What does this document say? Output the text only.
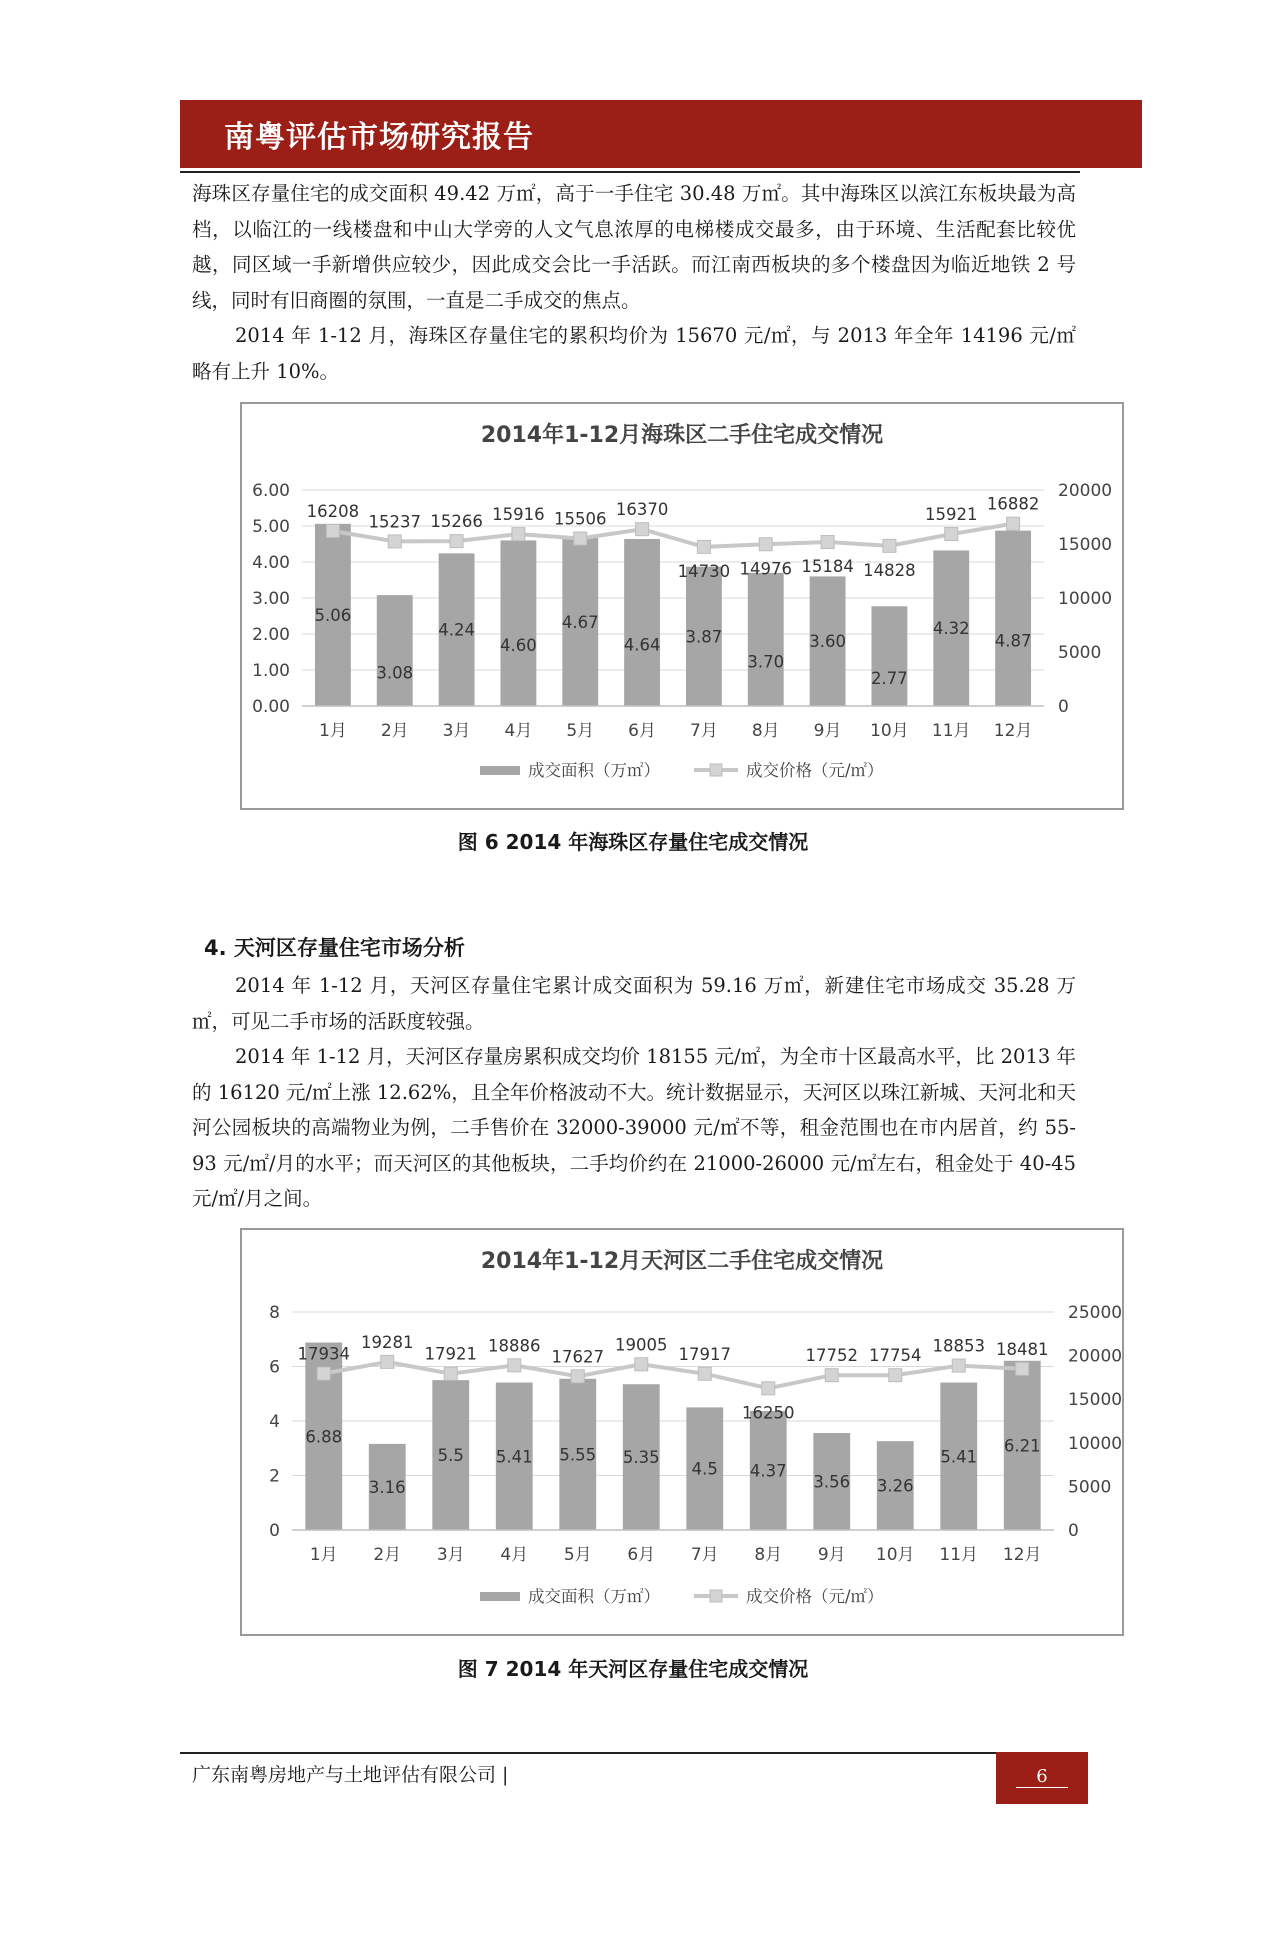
南粤评估市场研究报告

海珠区存量住宅的成交面积 49.42 万㎡，高于一手住宅 30.48 万㎡。其中海珠区以滨江东板块最为高档，以临江的一线楼盘和中山大学旁的人文气息浓厚的电梯楼成交最多，由于环境、生活配套比较优越，同区域一手新增供应较少，因此成交会比一手活跃。而江南西板块的多个楼盘因为临近地铁 2 号线，同时有旧商圈的氛围，一直是二手成交的焦点。

2014 年 1-12 月，海珠区存量住宅的累积均价为 15670 元/㎡，与 2013 年全年 14196 元/㎡略有上升 10%。

2014年1-12月海珠区二手住宅成交情况
0.00
1.00
2.00
3.00
4.00
5.00
6.00
0
5000
10000
15000
20000
5.06
3.08
4.24
4.60
4.67
4.64 3.87
3.70
3.60
2.77
4.32
4.87
16208
15237 15266 15916 15506 16370
14730 14976 15184 14828
15921
16882
1月 2月 3月 4月 5月 6月 7月 8月 9月 10月 11月 12月
成交面积（万㎡）	成交价格（元/㎡）
图 6 2014 年海珠区存量住宅成交情况
4. 天河区存量住宅市场分析

2014 年 1-12 月，天河区存量住宅累计成交面积为 59.16 万㎡，新建住宅市场成交 35.28 万㎡，可见二手市场的活跃度较强。

2014 年 1-12 月，天河区存量房累积成交均价 18155 元/㎡，为全市十区最高水平，比 2013 年的 16120 元/㎡上涨 12.62%，且全年价格波动不大。统计数据显示，天河区以珠江新城、天河北和天河公园板块的高端物业为例，二手售价在 32000-39000 元/㎡不等，租金范围也在市内居首，约 55-93 元/㎡/月的水平；而天河区的其他板块，二手均价约在 21000-26000 元/㎡左右，租金处于 40-45 元/㎡/月之间。

2014年1-12月天河区二手住宅成交情况
0
2
4
6
8
0
5000
10000
15000
20000
25000
6.88
3.16
5.5 5.41 5.55 5.35
4.5 4.37
3.56 3.26
5.41
6.21
17934
19281
17921 18886
17627
19005 17917
16250
17752 17754
18853 18481
1月 2月 3月 4月 5月 6月 7月 8月 9月 10月 11月 12月
成交面积（万㎡）	成交价格（元/㎡）
图 7 2014 年天河区存量住宅成交情况
广东南粤房地产与土地评估有限公司 |	6
